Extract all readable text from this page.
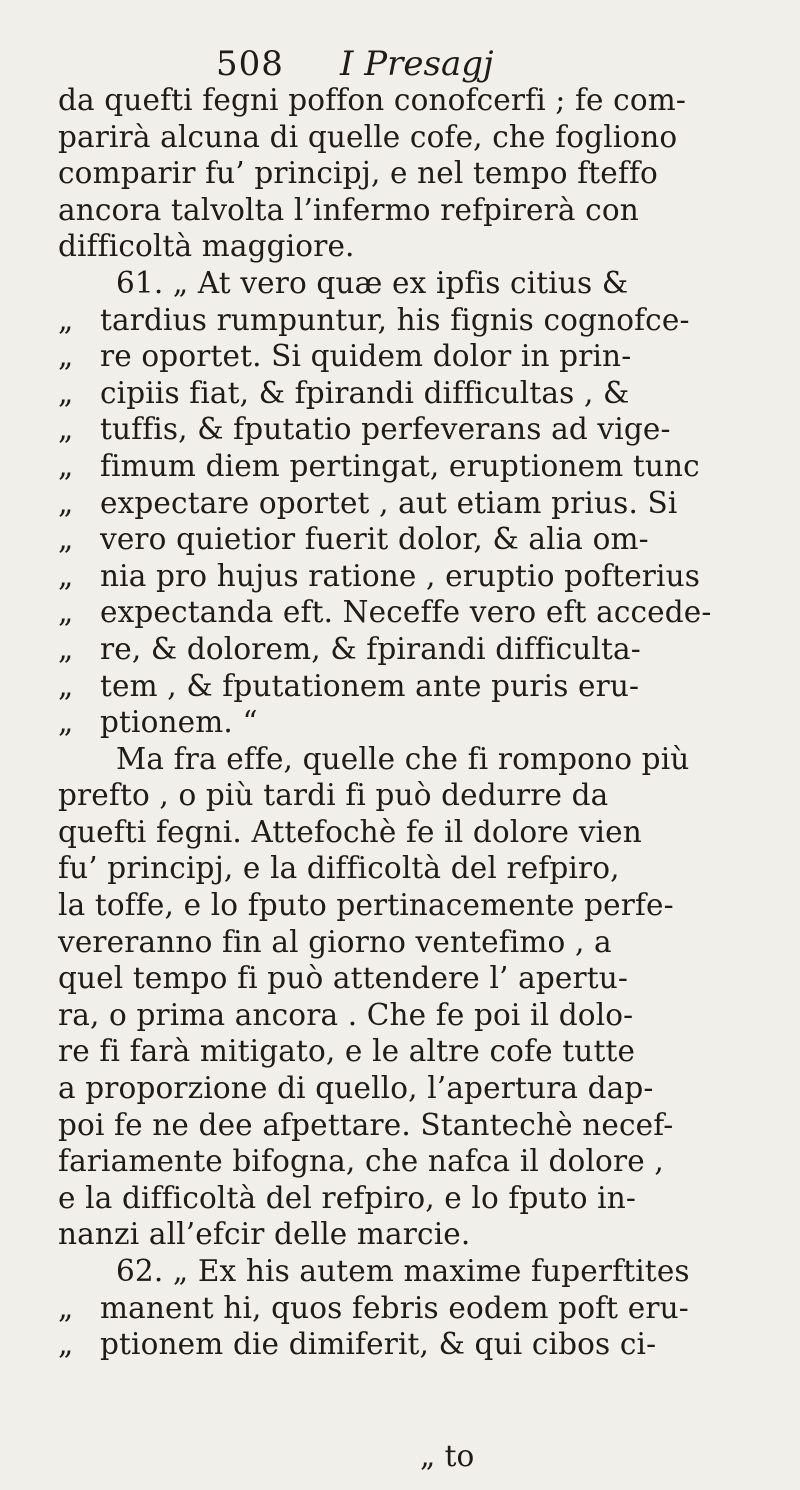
508 I Presagj
da quefti fegni poffon conofcerfi ; fe com-
parirà alcuna di quelle cofe, che fogliono
comparir fu’ principj, e nel tempo fteffo
ancora talvolta l’infermo refpirerà con
difficoltà maggiore.
61. „ At vero quæ ex ipfis citius &
„ tardius rumpuntur, his fignis cognofce-
„ re oportet. Si quidem dolor in prin-
„ cipiis fiat, & fpirandi difficultas , &
„ tuffis, & fputatio perfeverans ad vige-
„ fimum diem pertingat, eruptionem tunc
„ expectare oportet , aut etiam prius. Si
„ vero quietior fuerit dolor, & alia om-
„ nia pro hujus ratione , eruptio pofterius
„ expectanda eft. Neceffe vero eft accede-
„ re, & dolorem, & fpirandi difficulta-
„ tem , & fputationem ante puris eru-
„ ptionem. “
Ma fra effe, quelle che fi rompono più
prefto , o più tardi fi può dedurre da
quefti fegni. Attefochè fe il dolore vien
fu’ principj, e la difficoltà del refpiro,
la toffe, e lo fputo pertinacemente perfe-
vereranno fin al giorno ventefimo , a
quel tempo fi può attendere l’ apertu-
ra, o prima ancora . Che fe poi il dolo-
re fi farà mitigato, e le altre cofe tutte
a proporzione di quello, l’apertura dap-
poi fe ne dee afpettare. Stantechè necef-
fariamente bifogna, che nafca il dolore ,
e la difficoltà del refpiro, e lo fputo in-
nanzi all’efcir delle marcie.
62. „ Ex his autem maxime fuperftites
„ manent hi, quos febris eodem poft eru-
„ ptionem die dimiferit, & qui cibos ci-
„ to
